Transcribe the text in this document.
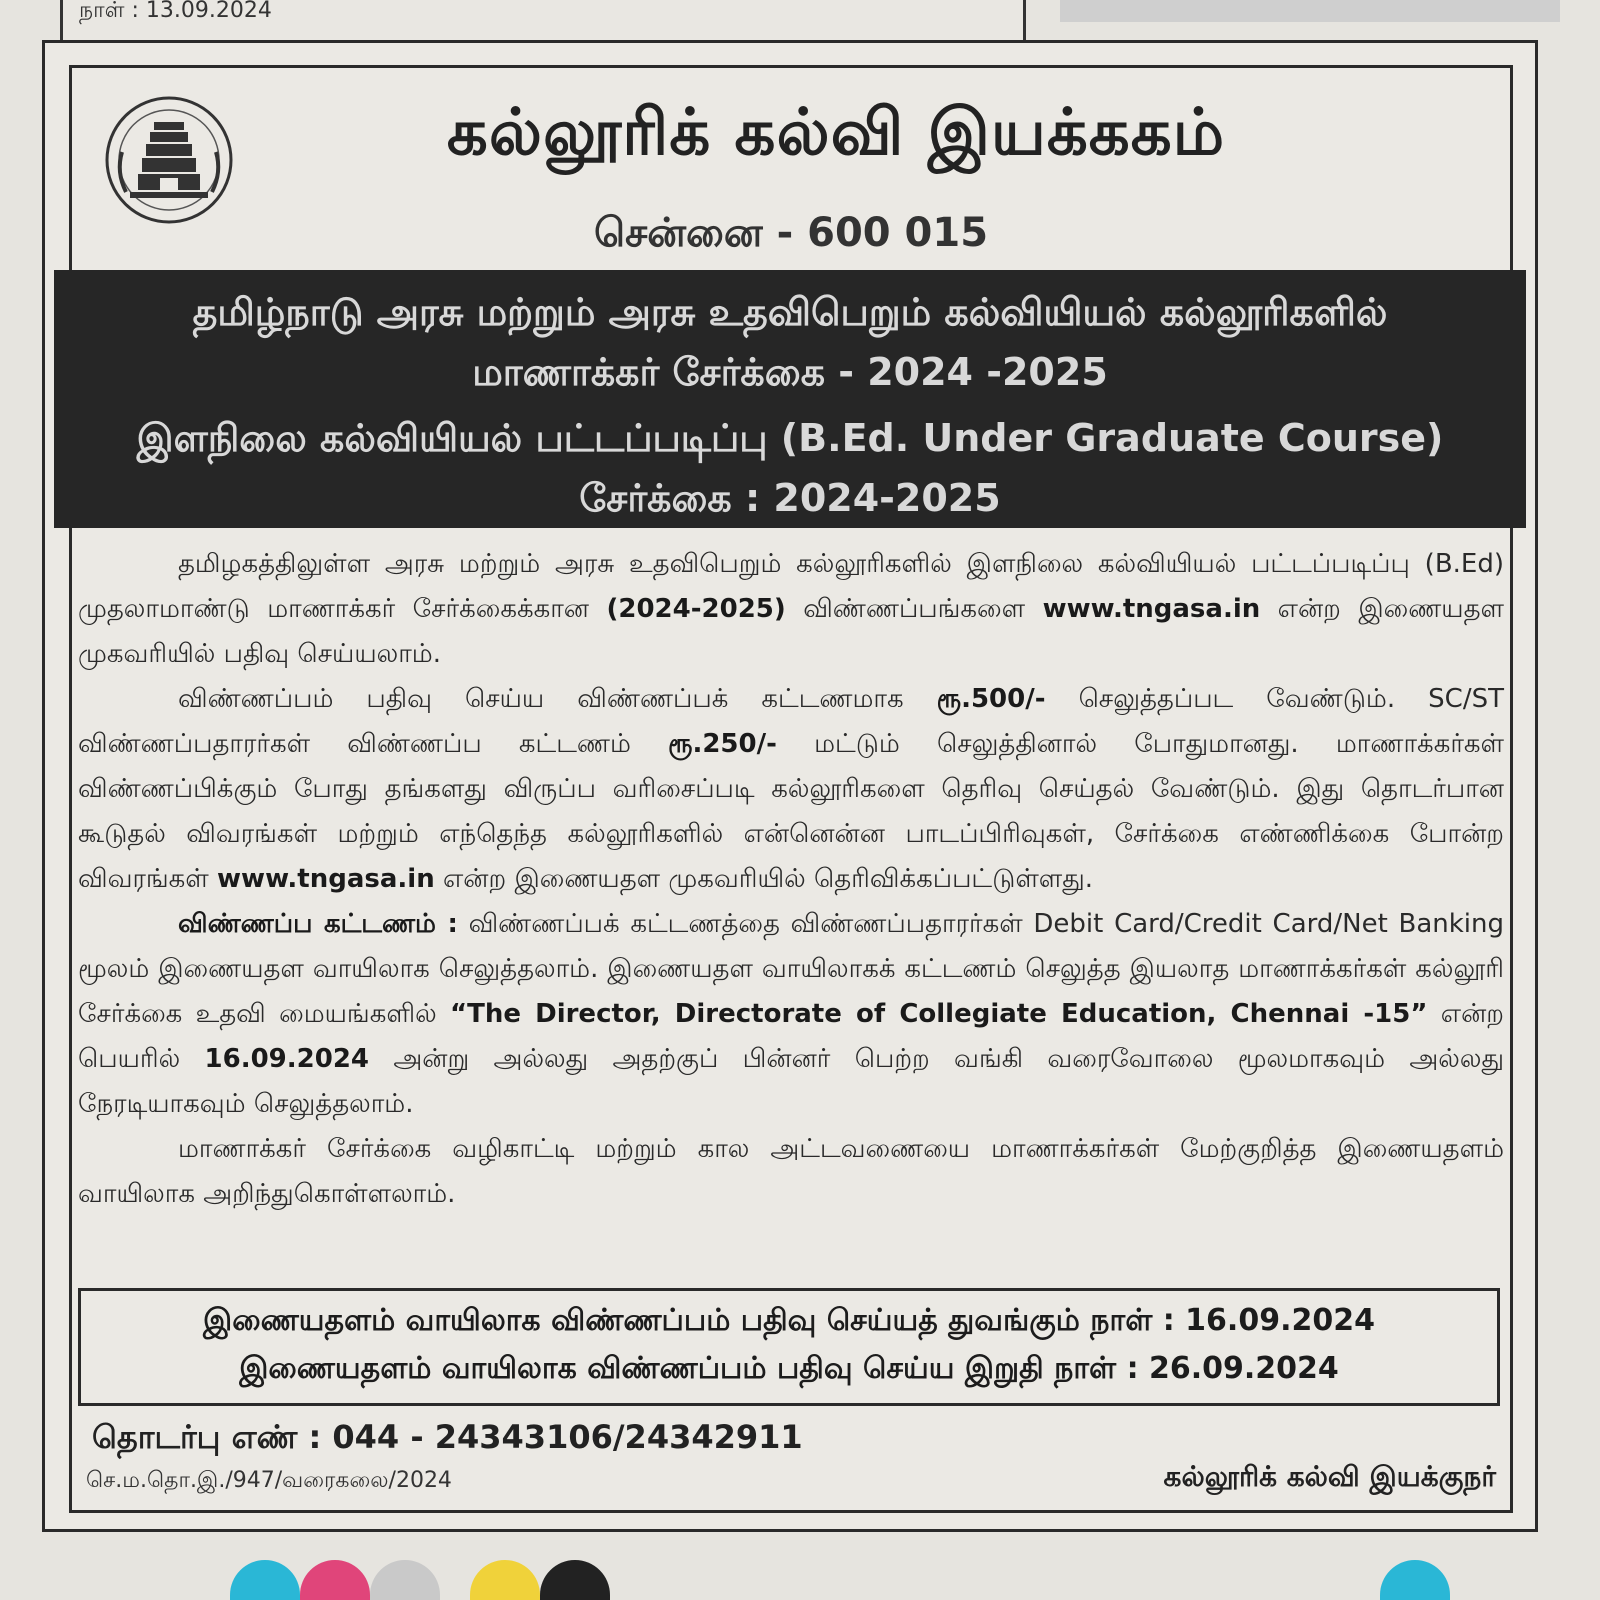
நாள் : 13.09.2024
கல்லூரிக் கல்வி இயக்ககம்
சென்னை - 600 015
தமிழ்நாடு அரசு மற்றும் அரசு உதவிபெறும் கல்வியியல் கல்லூரிகளில்
மாணாக்கர் சேர்க்கை - 2024 -2025
இளநிலை கல்வியியல் பட்டப்படிப்பு (B.Ed. Under Graduate Course)
சேர்க்கை : 2024-2025

தமிழகத்திலுள்ள அரசு மற்றும் அரசு உதவிபெறும் கல்லூரிகளில் இளநிலை கல்வியியல் பட்டப்படிப்பு (B.Ed) முதலாமாண்டு மாணாக்கர் சேர்க்கைக்கான (2024-2025) விண்ணப்பங்களை www.tngasa.in என்ற இணையதள முகவரியில் பதிவு செய்யலாம்.

விண்ணப்பம் பதிவு செய்ய விண்ணப்பக் கட்டணமாக ரூ.500/- செலுத்தப்பட வேண்டும். SC/ST விண்ணப்பதாரர்கள் விண்ணப்ப கட்டணம் ரூ.250/- மட்டும் செலுத்தினால் போதுமானது. மாணாக்கர்கள் விண்ணப்பிக்கும் போது தங்களது விருப்ப வரிசைப்படி கல்லூரிகளை தெரிவு செய்தல் வேண்டும். இது தொடர்பான கூடுதல் விவரங்கள் மற்றும் எந்தெந்த கல்லூரிகளில் என்னென்ன பாடப்பிரிவுகள், சேர்க்கை எண்ணிக்கை போன்ற விவரங்கள் www.tngasa.in என்ற இணையதள முகவரியில் தெரிவிக்கப்பட்டுள்ளது.

விண்ணப்ப கட்டணம் : விண்ணப்பக் கட்டணத்தை விண்ணப்பதாரர்கள் Debit Card/Credit Card/Net Banking மூலம் இணையதள வாயிலாக செலுத்தலாம். இணையதள வாயிலாகக் கட்டணம் செலுத்த இயலாத மாணாக்கர்கள் கல்லூரி சேர்க்கை உதவி மையங்களில் “The Director, Directorate of Collegiate Education, Chennai -15” என்ற பெயரில் 16.09.2024 அன்று அல்லது அதற்குப் பின்னர் பெற்ற வங்கி வரைவோலை மூலமாகவும் அல்லது நேரடியாகவும் செலுத்தலாம்.

மாணாக்கர் சேர்க்கை வழிகாட்டி மற்றும் கால அட்டவணையை மாணாக்கர்கள் மேற்குறித்த இணையதளம் வாயிலாக அறிந்துகொள்ளலாம்.

இணையதளம் வாயிலாக விண்ணப்பம் பதிவு செய்யத் துவங்கும் நாள் : 16.09.2024
இணையதளம் வாயிலாக விண்ணப்பம் பதிவு செய்ய இறுதி நாள் : 26.09.2024
தொடர்பு எண் : 044 - 24343106/24342911
செ.ம.தொ.இ./947/வரைகலை/2024	கல்லூரிக் கல்வி இயக்குநர்
